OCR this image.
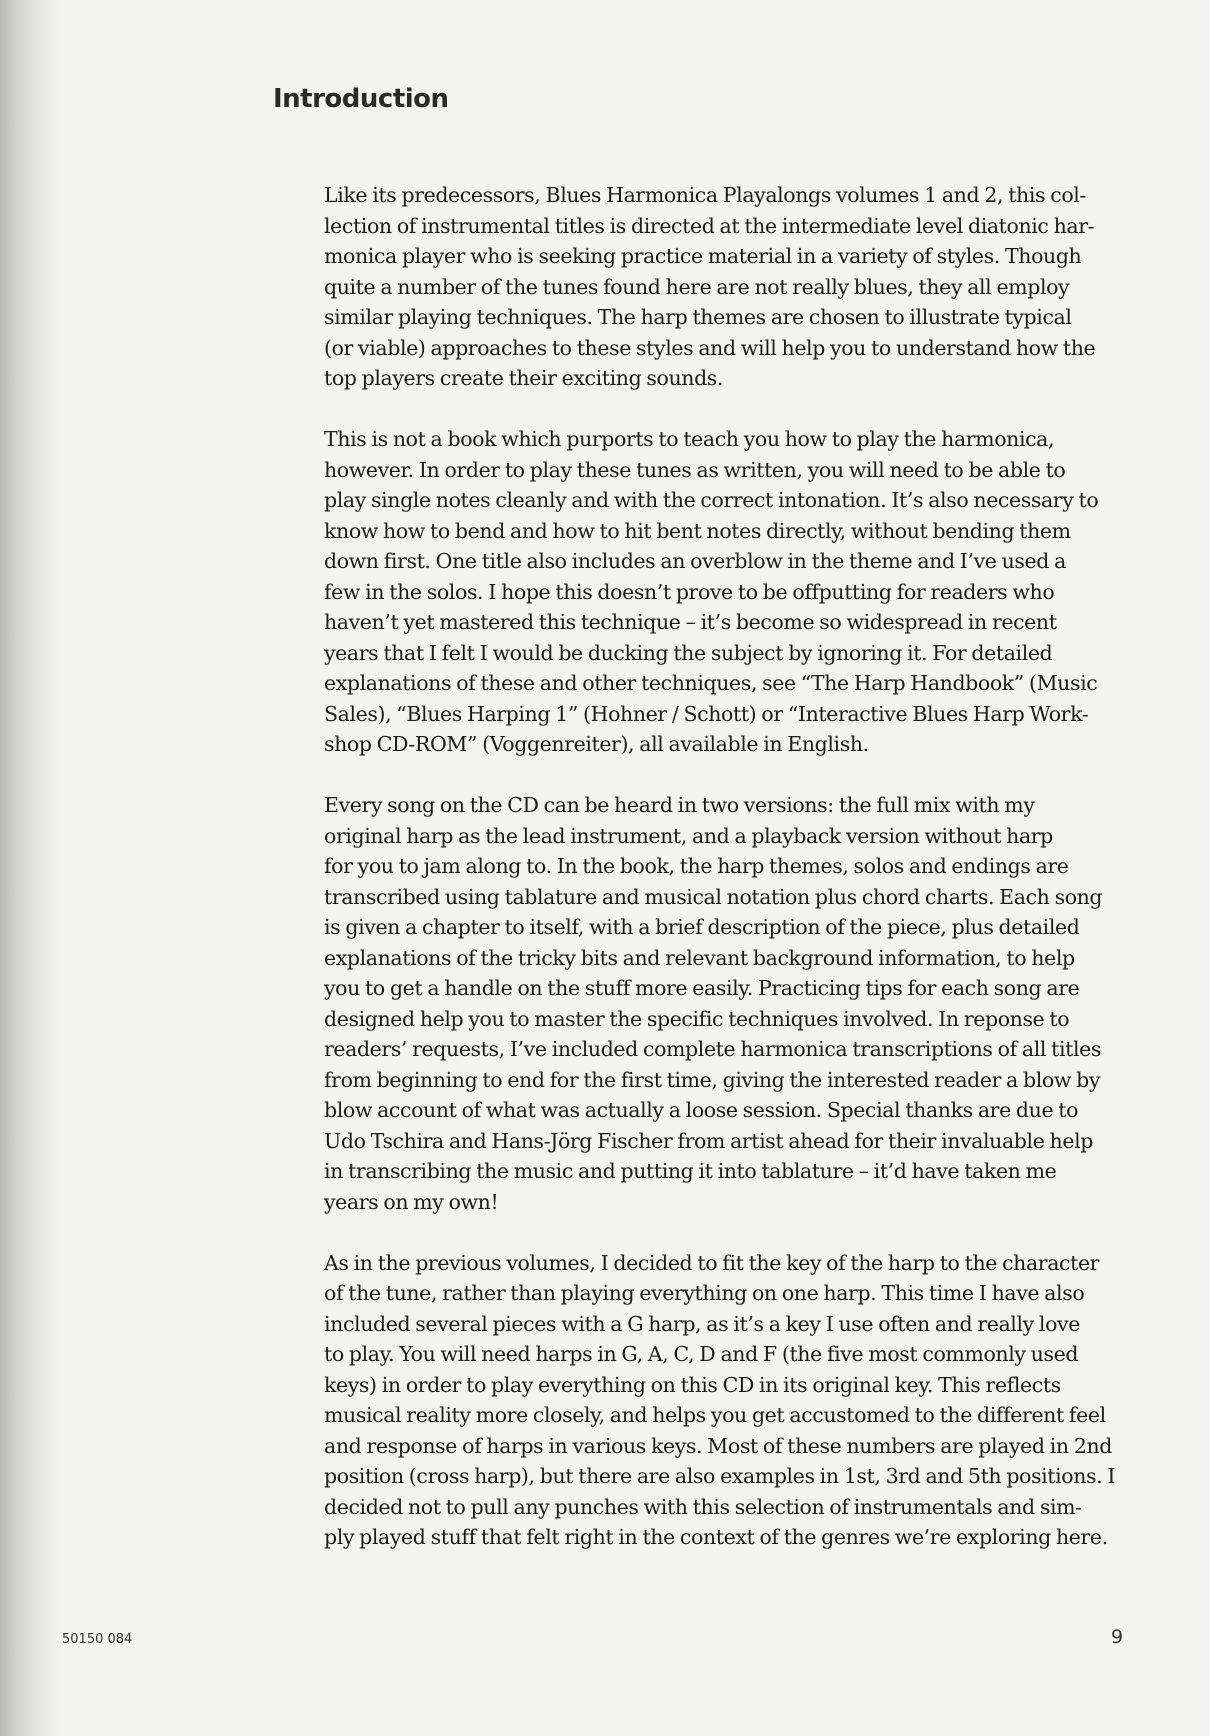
Introduction

Like its predecessors, Blues Harmonica Playalongs volumes 1 and 2, this col-
lection of instrumental titles is directed at the intermediate level diatonic har-
monica player who is seeking practice material in a variety of styles. Though
quite a number of the tunes found here are not really blues, they all employ
similar playing techniques. The harp themes are chosen to illustrate typical
(or viable) approaches to these styles and will help you to understand how the
top players create their exciting sounds.

This is not a book which purports to teach you how to play the harmonica,
however. In order to play these tunes as written, you will need to be able to
play single notes cleanly and with the correct intonation. It’s also necessary to
know how to bend and how to hit bent notes directly, without bending them
down first. One title also includes an overblow in the theme and I’ve used a
few in the solos. I hope this doesn’t prove to be offputting for readers who
haven’t yet mastered this technique – it’s become so widespread in recent
years that I felt I would be ducking the subject by ignoring it. For detailed
explanations of these and other techniques, see “The Harp Handbook” (Music
Sales), “Blues Harping 1” (Hohner / Schott) or “Interactive Blues Harp Work-
shop CD-ROM” (Voggenreiter), all available in English.

Every song on the CD can be heard in two versions: the full mix with my
original harp as the lead instrument, and a playback version without harp
for you to jam along to. In the book, the harp themes, solos and endings are
transcribed using tablature and musical notation plus chord charts. Each song
is given a chapter to itself, with a brief description of the piece, plus detailed
explanations of the tricky bits and relevant background information, to help
you to get a handle on the stuff more easily. Practicing tips for each song are
designed help you to master the specific techniques involved. In reponse to
readers’ requests, I’ve included complete harmonica transcriptions of all titles
from beginning to end for the first time, giving the interested reader a blow by
blow account of what was actually a loose session. Special thanks are due to
Udo Tschira and Hans-Jörg Fischer from artist ahead for their invaluable help
in transcribing the music and putting it into tablature – it’d have taken me
years on my own!

As in the previous volumes, I decided to fit the key of the harp to the character
of the tune, rather than playing everything on one harp. This time I have also
included several pieces with a G harp, as it’s a key I use often and really love
to play. You will need harps in G, A, C, D and F (the five most commonly used
keys) in order to play everything on this CD in its original key. This reflects
musical reality more closely, and helps you get accustomed to the different feel
and response of harps in various keys. Most of these numbers are played in 2nd
position (cross harp), but there are also examples in 1st, 3rd and 5th positions. I
decided not to pull any punches with this selection of instrumentals and sim-
ply played stuff that felt right in the context of the genres we’re exploring here.

50150 084	9
